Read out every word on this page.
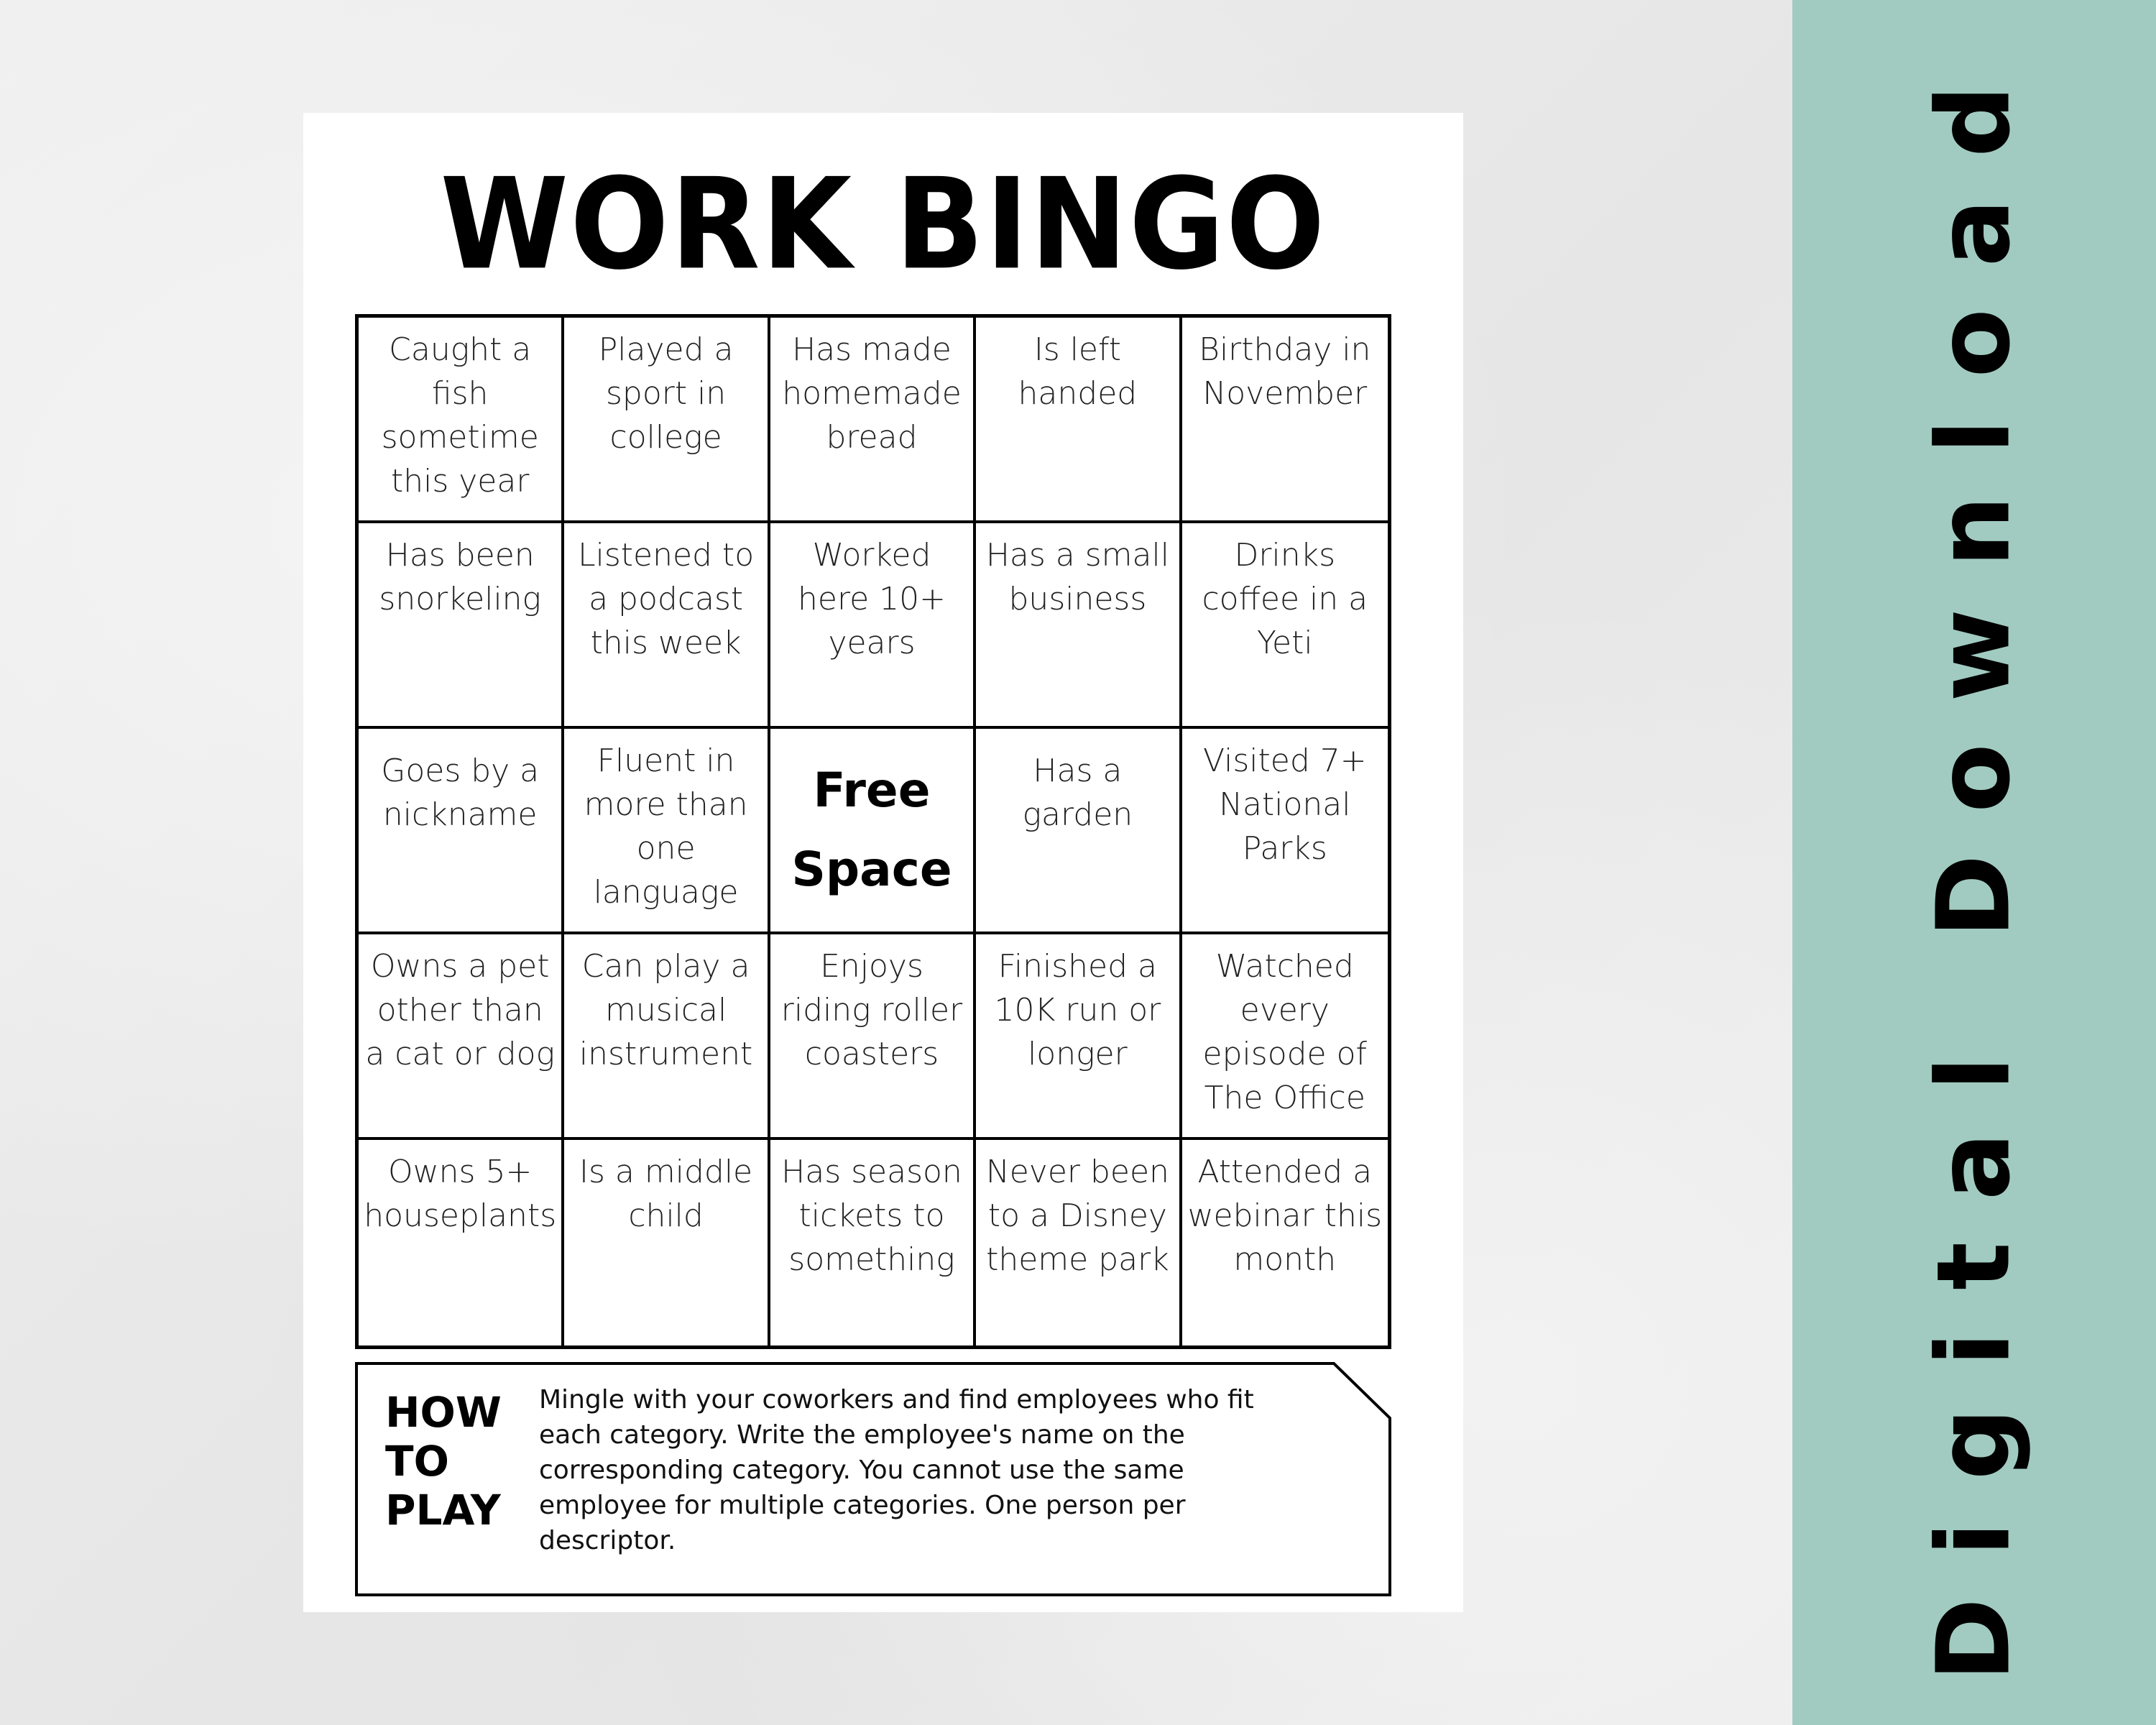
WORK BINGO
Caught a fish sometime this year
Played a sport in college
Has made homemade bread
Is left handed
Birthday in November
Has been snorkeling
Listened to a podcast this week
Worked here 10+ years
Has a small business
Drinks coffee in a Yeti
Goes by a nickname
Fluent in more than one language
Free Space
Has a garden
Visited 7+ National Parks
Owns a pet other than a cat or dog
Can play a musical instrument
Enjoys riding roller coasters
Finished a 10K run or longer
Watched every episode of The Office
Owns 5+ houseplants
Is a middle child
Has season tickets to something
Never been to a Disney theme park
Attended a webinar this month
HOW
TO
PLAY
Mingle with your coworkers and find employees who fit each category. Write the employee's name on the corresponding category. You cannot use the same employee for multiple categories. One person per descriptor.	Digital Download
